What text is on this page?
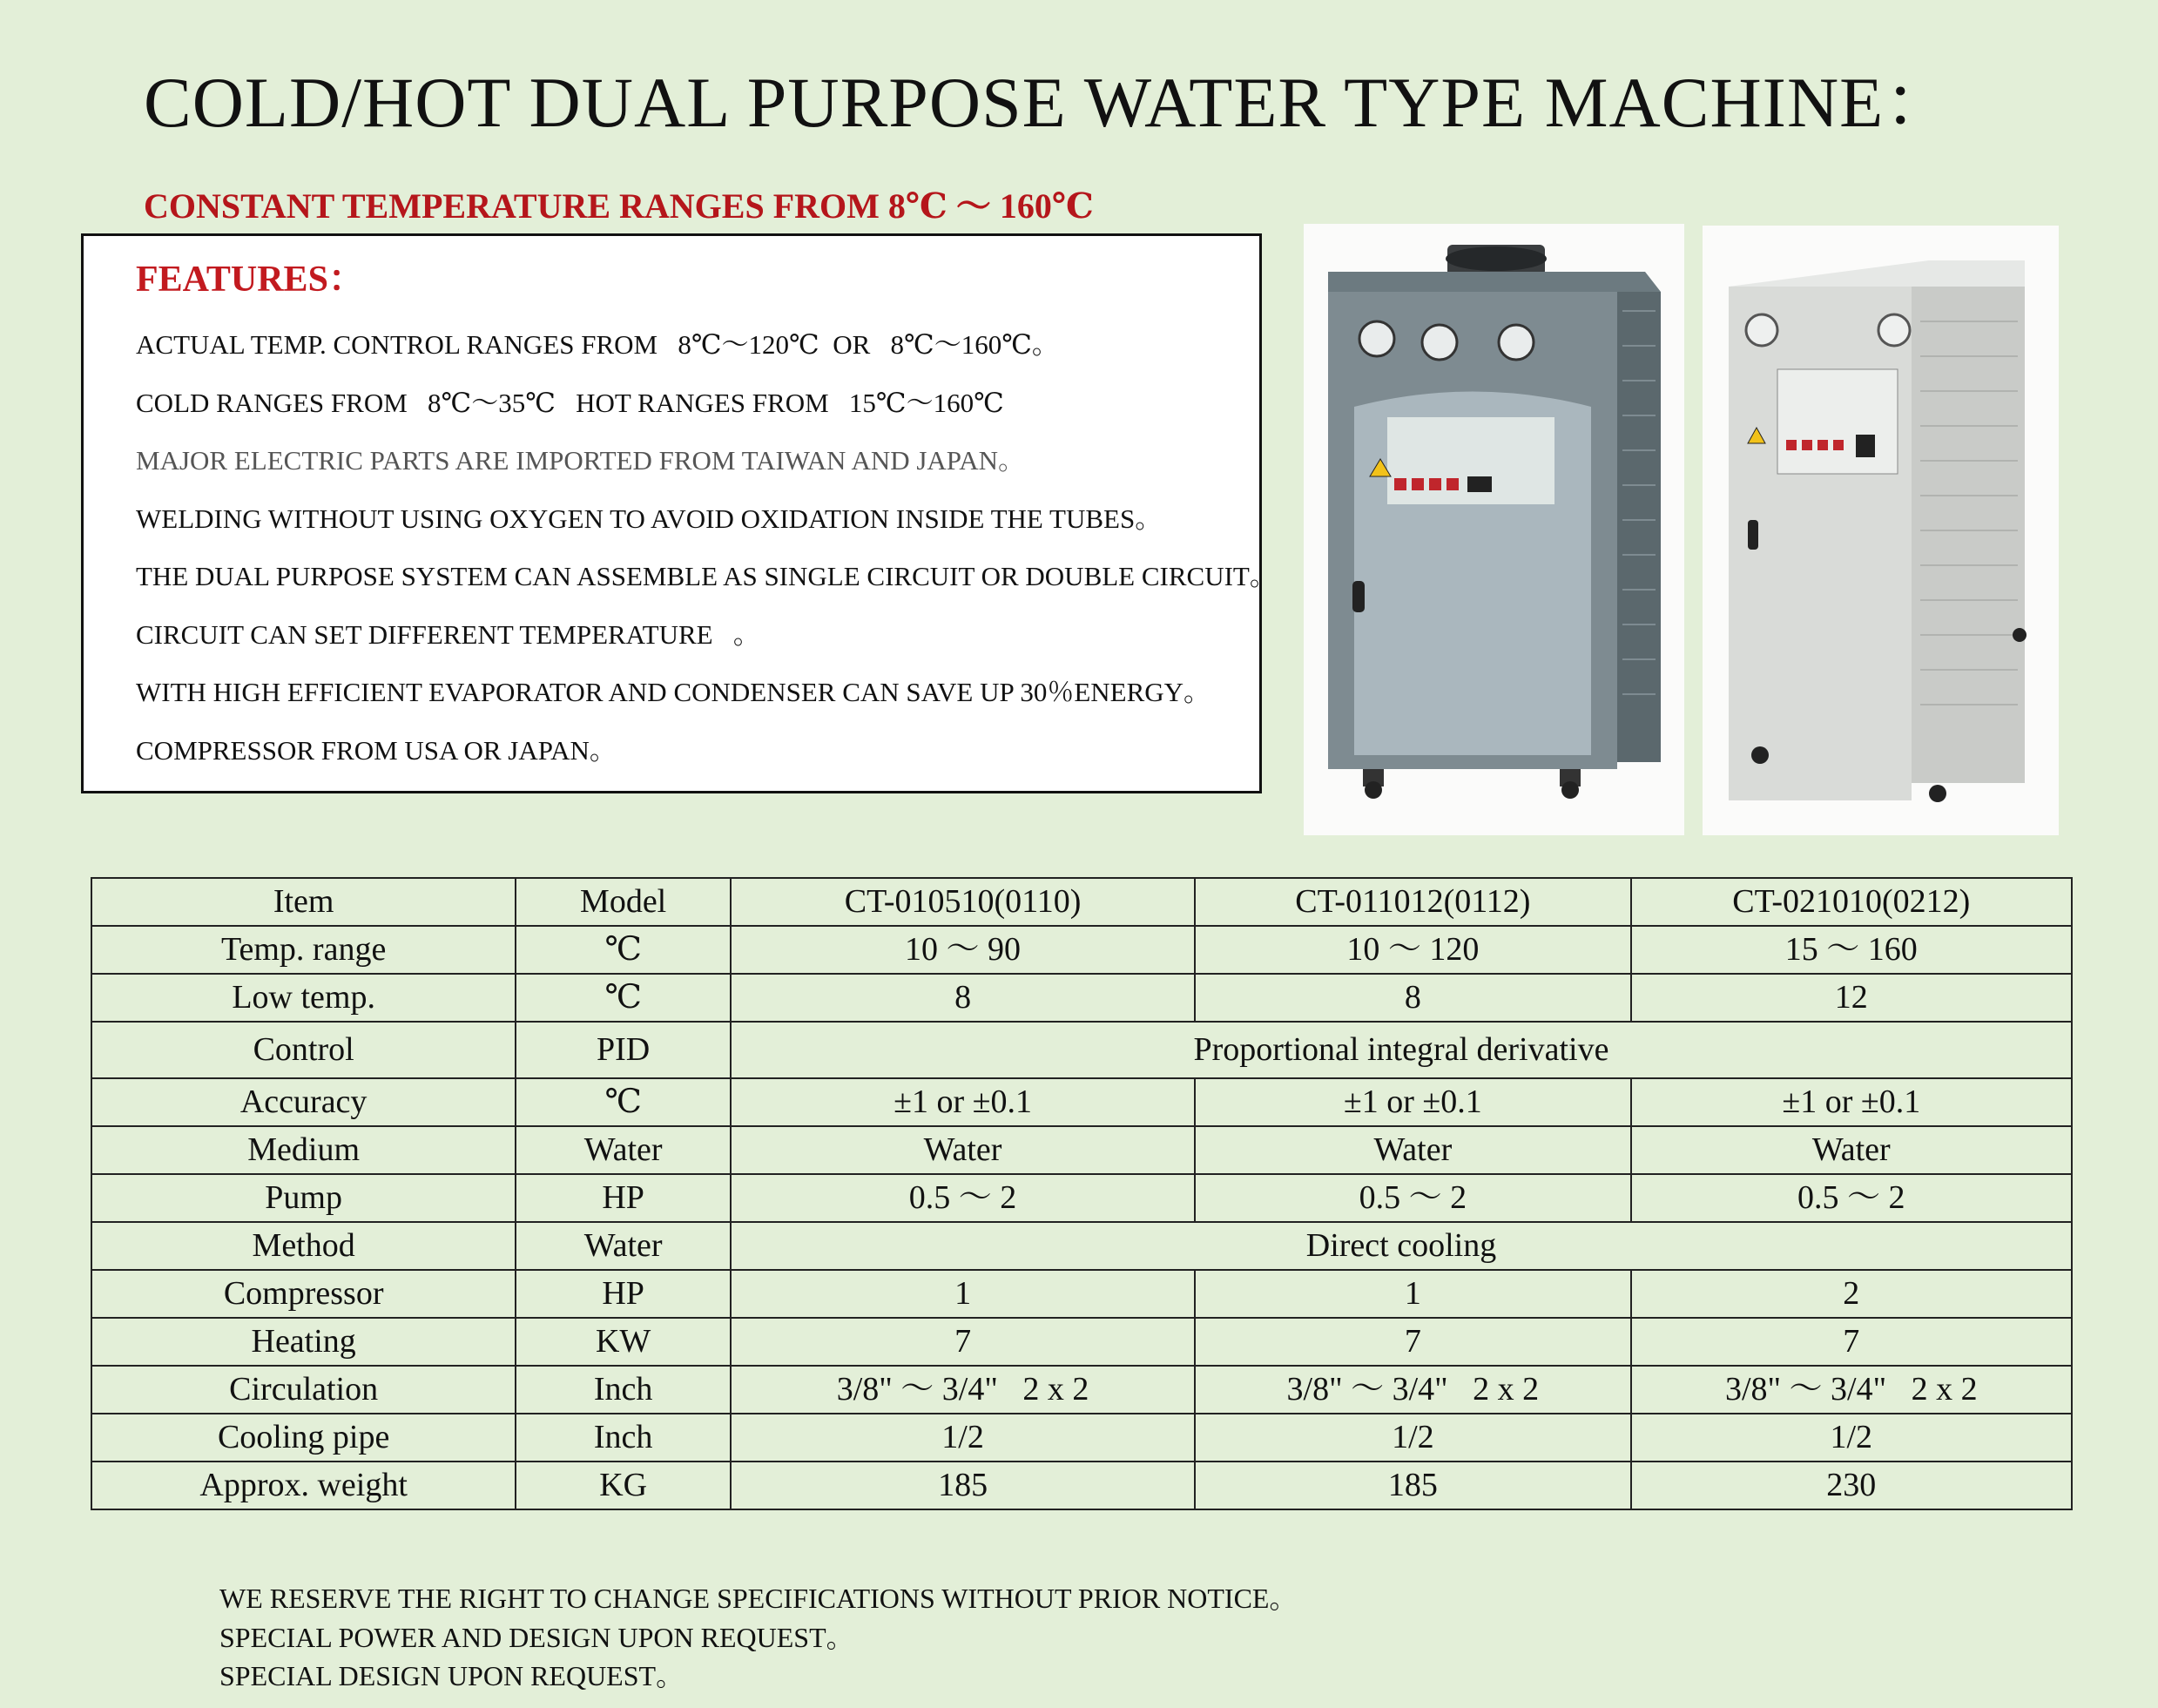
COLD/HOT DUAL PURPOSE WATER TYPE MACHINE：
CONSTANT TEMPERATURE RANGES FROM 8℃ ～ 160℃
FEATURES：
ACTUAL TEMP. CONTROL RANGES FROM   8℃～120℃  OR   8℃～160℃。
COLD RANGES FROM   8℃～35℃   HOT RANGES FROM   15℃～160℃
MAJOR ELECTRIC PARTS ARE IMPORTED FROM TAIWAN AND JAPAN。
WELDING WITHOUT USING OXYGEN TO AVOID OXIDATION INSIDE THE TUBES。
THE DUAL PURPOSE SYSTEM CAN ASSEMBLE AS SINGLE CIRCUIT OR DOUBLE CIRCUIT。
CIRCUIT CAN SET DIFFERENT TEMPERATURE   。
WITH HIGH EFFICIENT EVAPORATOR AND CONDENSER CAN SAVE UP 30％ENERGY。
COMPRESSOR FROM USA OR JAPAN。
Item	Model	CT-010510(0110)	CT-011012(0112)	CT-021010(0212)
Temp. range	℃	10 ～ 90	10 ～ 120	15 ～ 160
Low temp.	℃	8	8	12
Control	PID	Proportional integral derivative		
Accuracy	℃	±1 or ±0.1	±1 or ±0.1	±1 or ±0.1
Medium	Water	Water	Water	Water
Pump	HP	0.5 ～ 2	0.5 ～ 2	0.5 ～ 2
Method	Water	Direct cooling		
Compressor	HP	1	1	2
Heating	KW	7	7	7
Circulation	Inch	3/8" ～ 3/4"   2 x 2	3/8" ～ 3/4"   2 x 2	3/8" ～ 3/4"   2 x 2
Cooling pipe	Inch	1/2	1/2	1/2
Approx. weight	KG	185	185	230
WE RESERVE THE RIGHT TO CHANGE SPECIFICATIONS WITHOUT PRIOR NOTICE。
SPECIAL POWER AND DESIGN UPON REQUEST。
SPECIAL DESIGN UPON REQUEST。
